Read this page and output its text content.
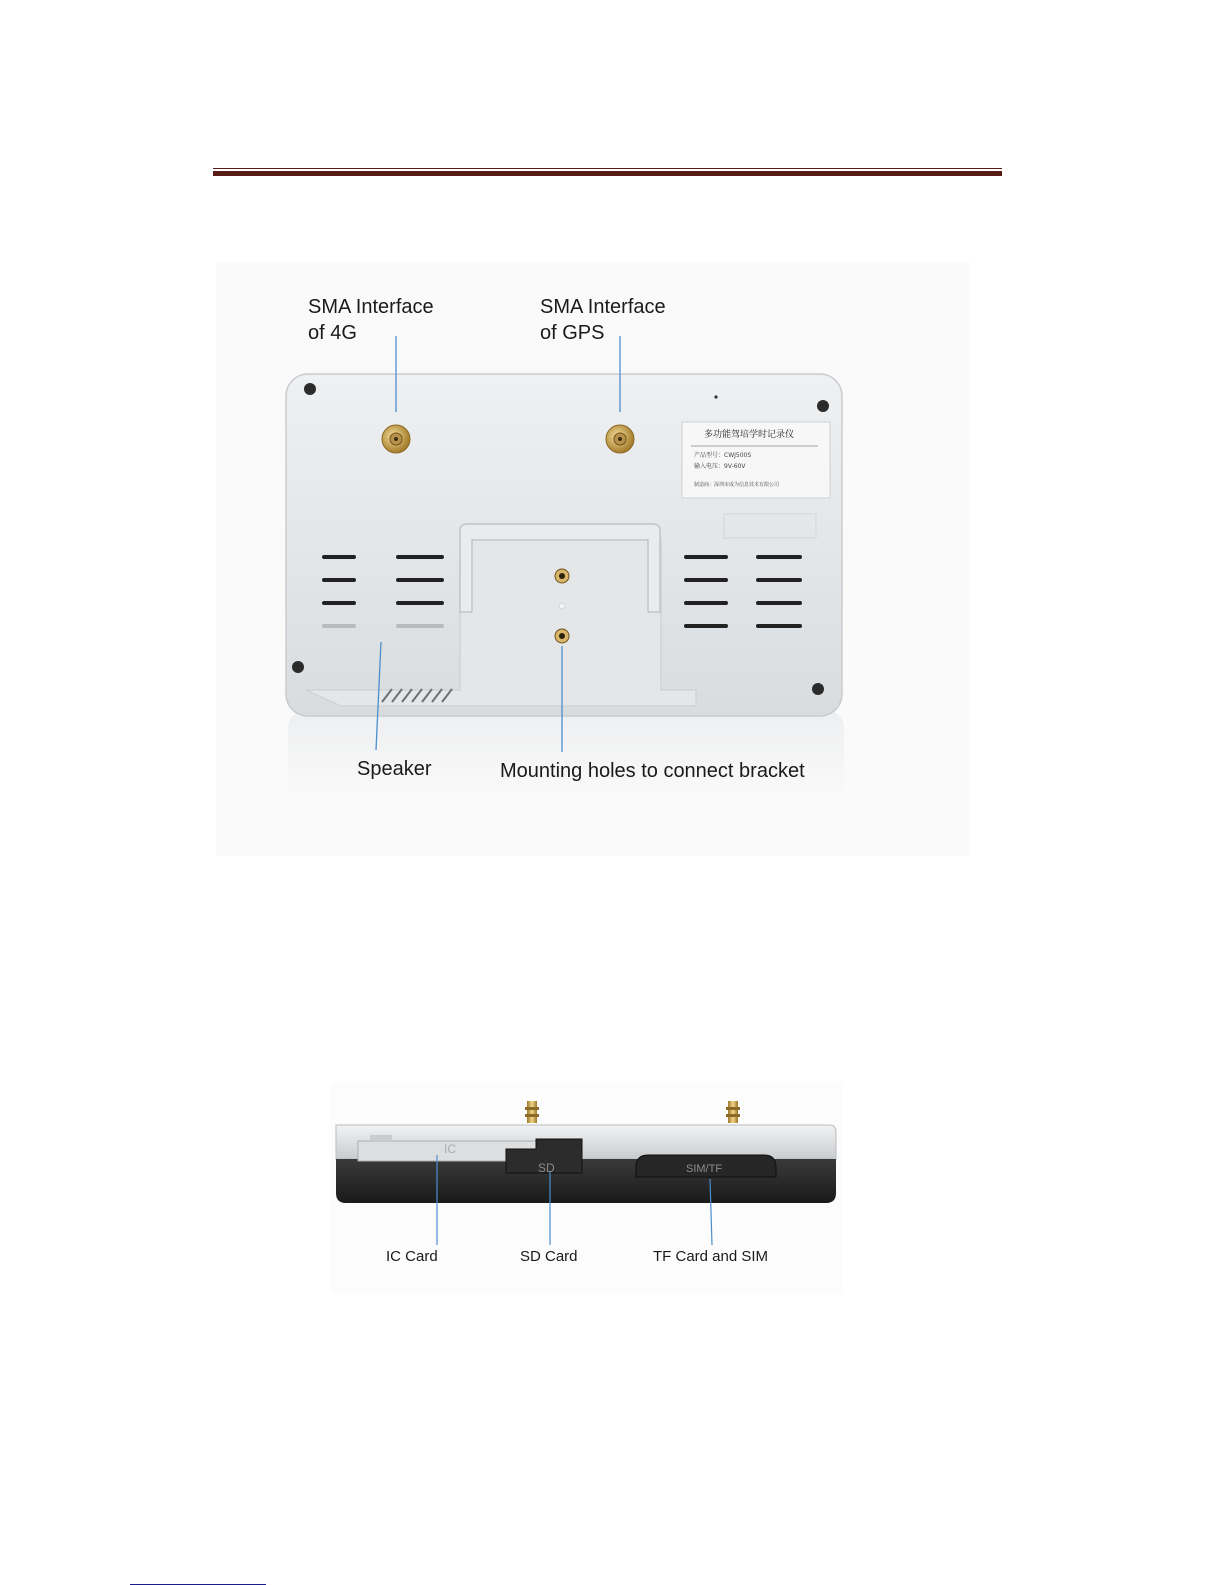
多功能驾培学时记录仪
产品型号：CWJ500S
输入电压：9V-60V
制造商：深圳市成为信息技术有限公司
SMA Interface
of 4G
SMA Interface
of GPS
Speaker	Mounting holes to connect bracket
IC
SD	SIM/TF
IC Card	SD Card	TF Card and SIM
